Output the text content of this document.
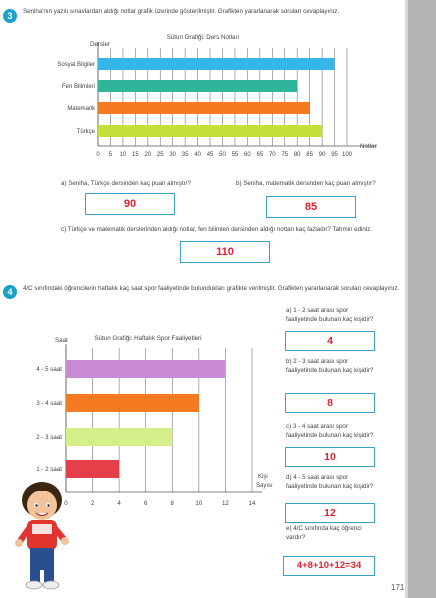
3	Seniha'nın yazılı sınavlardan aldığı notlar grafik üzerinde gösterilmiştir. Grafikten yararlanarak soruları cevaplayınız.
Sütun Grafiği: Ders Notları
Dersler
Notlar
Sosyal Bilgiler
Fen Bilimleri
Matematik
Türkçe
0 5 10 15 20 25 30 35 40 45 50 55 60 65 70 75 80 85 90 95 100
a) Seniha, Türkçe dersinden kaç puan almıştır?	b) Seniha, matematik dersinden kaç puan almıştır?
90	85
c) Türkçe ve matematik derslerinden aldığı notlar, fen bilimleri dersinden aldığı nottan kaç fazladır? Tahmin ediniz.
110
4	4/C sınıfındaki öğrencilerin haftalık kaç saat spor faaliyetinde bulundukları grafikte verilmiştir. Grafikten yararlanarak soruları cevaplayınız.
Sütun Grafiği: Haftalık Spor Faaliyetleri
Saat
Kişi
Sayısı
4 - 5 saat
3 - 4 saat
2 - 3 saat
1 - 2 saat
0	2	4	6	8	10	12	14
a) 1 - 2 saat arası spor
faaliyetinde bulunan kaç kişidir?
4
b) 2 - 3 saat arası spor
faaliyetinde bulunan kaç kişidir?
8
c) 3 - 4 saat arası spor
faaliyetinde bulunan kaç kişidir?
10
d) 4 - 5 saat arası spor
faaliyetinde bulunan kaç kişidir?
12
e) 4/C sınıfında kaç öğrenci
vardır?
4+8+10+12=34
171
